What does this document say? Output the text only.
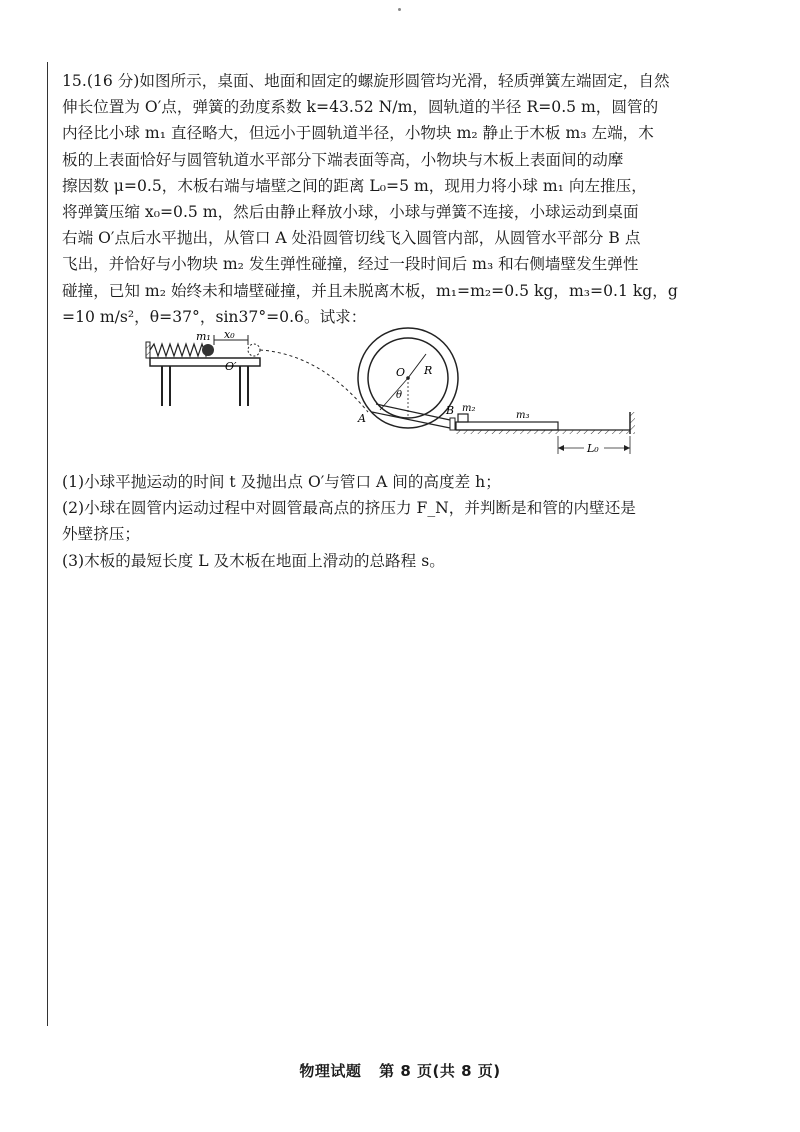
15.(16 分)如图所示，桌面、地面和固定的螺旋形圆管均光滑，轻质弹簧左端固定，自然
伸长位置为 O′点，弹簧的劲度系数 k=43.52 N/m，圆轨道的半径 R=0.5 m，圆管的
内径比小球 m₁ 直径略大，但远小于圆轨道半径，小物块 m₂ 静止于木板 m₃ 左端，木
板的上表面恰好与圆管轨道水平部分下端表面等高，小物块与木板上表面间的动摩
擦因数 μ=0.5，木板右端与墙壁之间的距离 L₀=5 m，现用力将小球 m₁ 向左推压，
将弹簧压缩 x₀=0.5 m，然后由静止释放小球，小球与弹簧不连接，小球运动到桌面
右端 O′点后水平抛出，从管口 A 处沿圆管切线飞入圆管内部，从圆管水平部分 B 点
飞出，并恰好与小物块 m₂ 发生弹性碰撞，经过一段时间后 m₃ 和右侧墙壁发生弹性
碰撞，已知 m₂ 始终未和墙壁碰撞，并且未脱离木板，m₁=m₂=0.5 kg，m₃=0.1 kg，g
=10 m/s²，θ=37°，sin37°=0.6。试求：
m₁ x₀
O′	O R
θ
A
B m₂
m₃
L₀
(1)小球平抛运动的时间 t 及抛出点 O′与管口 A 间的高度差 h；
(2)小球在圆管内运动过程中对圆管最高点的挤压力 F_N，并判断是和管的内壁还是
外壁挤压；
(3)木板的最短长度 L 及木板在地面上滑动的总路程 s。
物理试题 第 8 页(共 8 页)
